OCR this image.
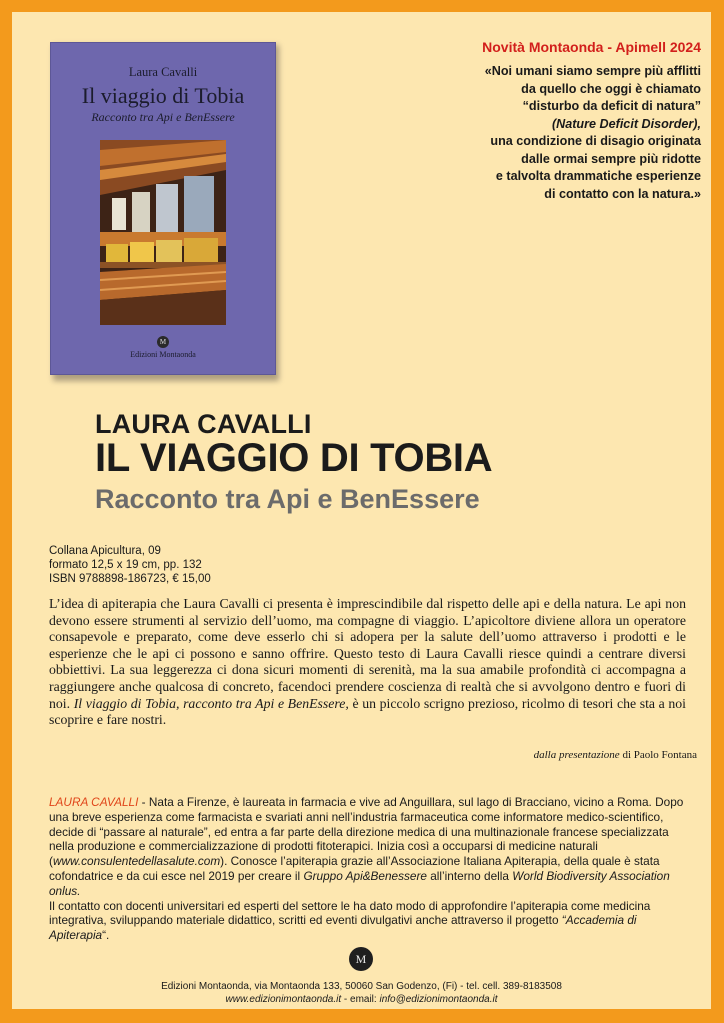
Laura Cavalli
Il viaggio di Tobia
Racconto tra Api e BenEssere
M
Edizioni Montaonda
Novità Montaonda - Apimell 2024
«Noi umani siamo sempre più afflitti
da quello che oggi è chiamato
“disturbo da deficit di natura”
(Nature Deficit Disorder),
una condizione di disagio originata
dalle ormai sempre più ridotte
e talvolta drammatiche esperienze
di contatto con la natura.»
LAURA CAVALLI
IL VIAGGIO DI TOBIA
Racconto tra Api e BenEssere
Collana Apicultura, 09
formato 12,5 x 19 cm, pp. 132
ISBN 9788898-186723, € 15,00

L’idea di apiterapia che Laura Cavalli ci presenta è imprescindibile dal rispetto delle api e della natura. Le api non devono essere strumenti al servizio dell’uomo, ma compagne di viaggio. L’apicoltore diviene allora un operatore consapevole e preparato, come deve esserlo chi si adopera per la salute dell’uomo attraverso i prodotti e le esperienze che le api ci possono e sanno offrire. Questo testo di Laura Cavalli riesce quindi a centrare diversi obbiettivi. La sua leggerezza ci dona sicuri momenti di serenità, ma la sua amabile profondità ci accompagna a raggiungere anche qualcosa di concreto, facendoci prendere coscienza di realtà che si avvolgono dentro e fuori di noi. Il viaggio di Tobia, racconto tra Api e BenEssere, è un piccolo scrigno prezioso, ricolmo di tesori che sta a noi scoprire e fare nostri.

dalla presentazione di Paolo Fontana

LAURA CAVALLI - Nata a Firenze, è laureata in farmacia e vive ad Anguillara, sul lago di Bracciano, vicino a Roma. Dopo una breve esperienza come farmacista e svariati anni nell’industria farmaceutica come informatore medico-scientifico, decide di “passare al naturale”, ed entra a far parte della direzione medica di una multinazionale francese specializzata nella produzione e commercializzazione di prodotti fitoterapici. Inizia così a occuparsi di medicine naturali (www.consulentedellasalute.com). Conosce l’apiterapia grazie all’Associazione Italiana Apiterapia, della quale è stata cofondatrice e da cui esce nel 2019 per creare il Gruppo Api&Benessere all’interno della World Biodiversity Association onlus.

Il contatto con docenti universitari ed esperti del settore le ha dato modo di approfondire l’apiterapia come medicina integrativa, sviluppando materiale didattico, scritti ed eventi divulgativi anche attraverso il progetto “Accademia di Apiterapia“.

M
Edizioni Montaonda, via Montaonda 133, 50060 San Godenzo, (Fi) - tel. cell. 389-8183508
www.edizionimontaonda.it - email: info@edizionimontaonda.it
